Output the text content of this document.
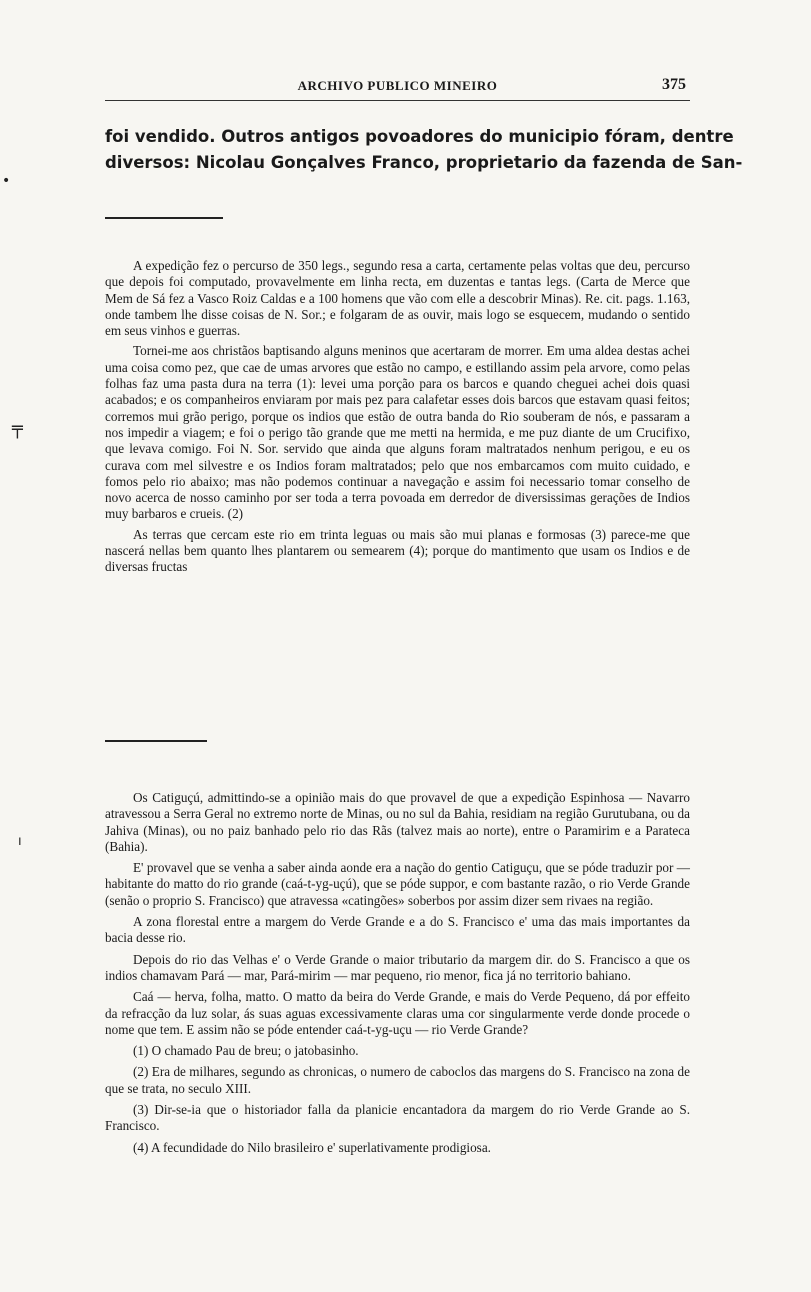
ARCHIVO PUBLICO MINEIRO	375
foi vendido. Outros antigos povoadores do municipio fóram, dentre
diversos: Nicolau Gonçalves Franco, proprietario da fazenda de San-

A expedição fez o percurso de 350 legs., segundo resa a carta, certamente pelas voltas que deu, percurso que depois foi computado, provavelmente em linha recta, em duzentas e tantas legs. (Carta de Merce que Mem de Sá fez a Vasco Roiz Caldas e a 100 homens que vão com elle a descobrir Minas). Re. cit. pags. 1.163, onde tambem lhe disse coisas de N. Sor.; e folgaram de as ouvir, mais logo se esquecem, mudando o sentido em seus vinhos e guerras.

Tornei-me aos christãos baptisando alguns meninos que acertaram de morrer. Em uma aldea destas achei uma coisa como pez, que cae de umas arvores que estão no campo, e estillando assim pela arvore, como pelas folhas faz uma pasta dura na terra (1): levei uma porção para os barcos e quando cheguei achei dois quasi acabados; e os companheiros enviaram por mais pez para calafetar esses dois barcos que estavam quasi feitos; corremos mui grão perigo, porque os indios que estão de outra banda do Rio souberam de nós, e passaram a nos impedir a viagem; e foi o perigo tão grande que me metti na hermida, e me puz diante de um Crucifixo, que levava comigo. Foi N. Sor. servido que ainda que alguns foram maltratados nenhum perigou, e eu os curava com mel silvestre e os Indios foram maltratados; pelo que nos embarcamos com muito cuidado, e fomos pelo rio abaixo; mas não podemos continuar a navegação e assim foi necessario tomar conselho de novo acerca de nosso caminho por ser toda a terra povoada em derredor de diversissimas gerações de Indios muy barbaros e crueis. (2)

As terras que cercam este rio em trinta leguas ou mais são mui planas e formosas (3) parece-me que nascerá nellas bem quanto lhes plantarem ou semearem (4); porque do mantimento que usam os Indios e de diversas fructas

Os Catiguçú, admittindo-se a opinião mais do que provavel de que a expedição Espinhosa — Navarro atravessou a Serra Geral no extremo norte de Minas, ou no sul da Bahia, residiam na região Gurutubana, ou da Jahiva (Minas), ou no paiz banhado pelo rio das Rãs (talvez mais ao norte), entre o Paramirim e a Parateca (Bahia).

E' provavel que se venha a saber ainda aonde era a nação do gentio Catiguçu, que se póde traduzir por — habitante do matto do rio grande (caá-t-yg-uçú), que se póde suppor, e com bastante razão, o rio Verde Grande (senão o proprio S. Francisco) que atravessa «catingões» soberbos por assim dizer sem rivaes na região.

A zona florestal entre a margem do Verde Grande e a do S. Francisco e' uma das mais importantes da bacia desse rio.

Depois do rio das Velhas e' o Verde Grande o maior tributario da margem dir. do S. Francisco a que os indios chamavam Pará — mar, Pará-mirim — mar pequeno, rio menor, fica já no territorio bahiano.

Caá — herva, folha, matto. O matto da beira do Verde Grande, e mais do Verde Pequeno, dá por effeito da refracção da luz solar, ás suas aguas excessivamente claras uma cor singularmente verde donde procede o nome que tem. E assim não se póde entender caá-t-yg-uçu — rio Verde Grande?

(1) O chamado Pau de breu; o jatobasinho.

(2) Era de milhares, segundo as chronicas, o numero de caboclos das margens do S. Francisco na zona de que se trata, no seculo XIII.

(3) Dir-se-ia que o historiador falla da planicie encantadora da margem do rio Verde Grande ao S. Francisco.

(4) A fecundidade do Nilo brasileiro e' superlativamente prodigiosa.

•
╤
ı
